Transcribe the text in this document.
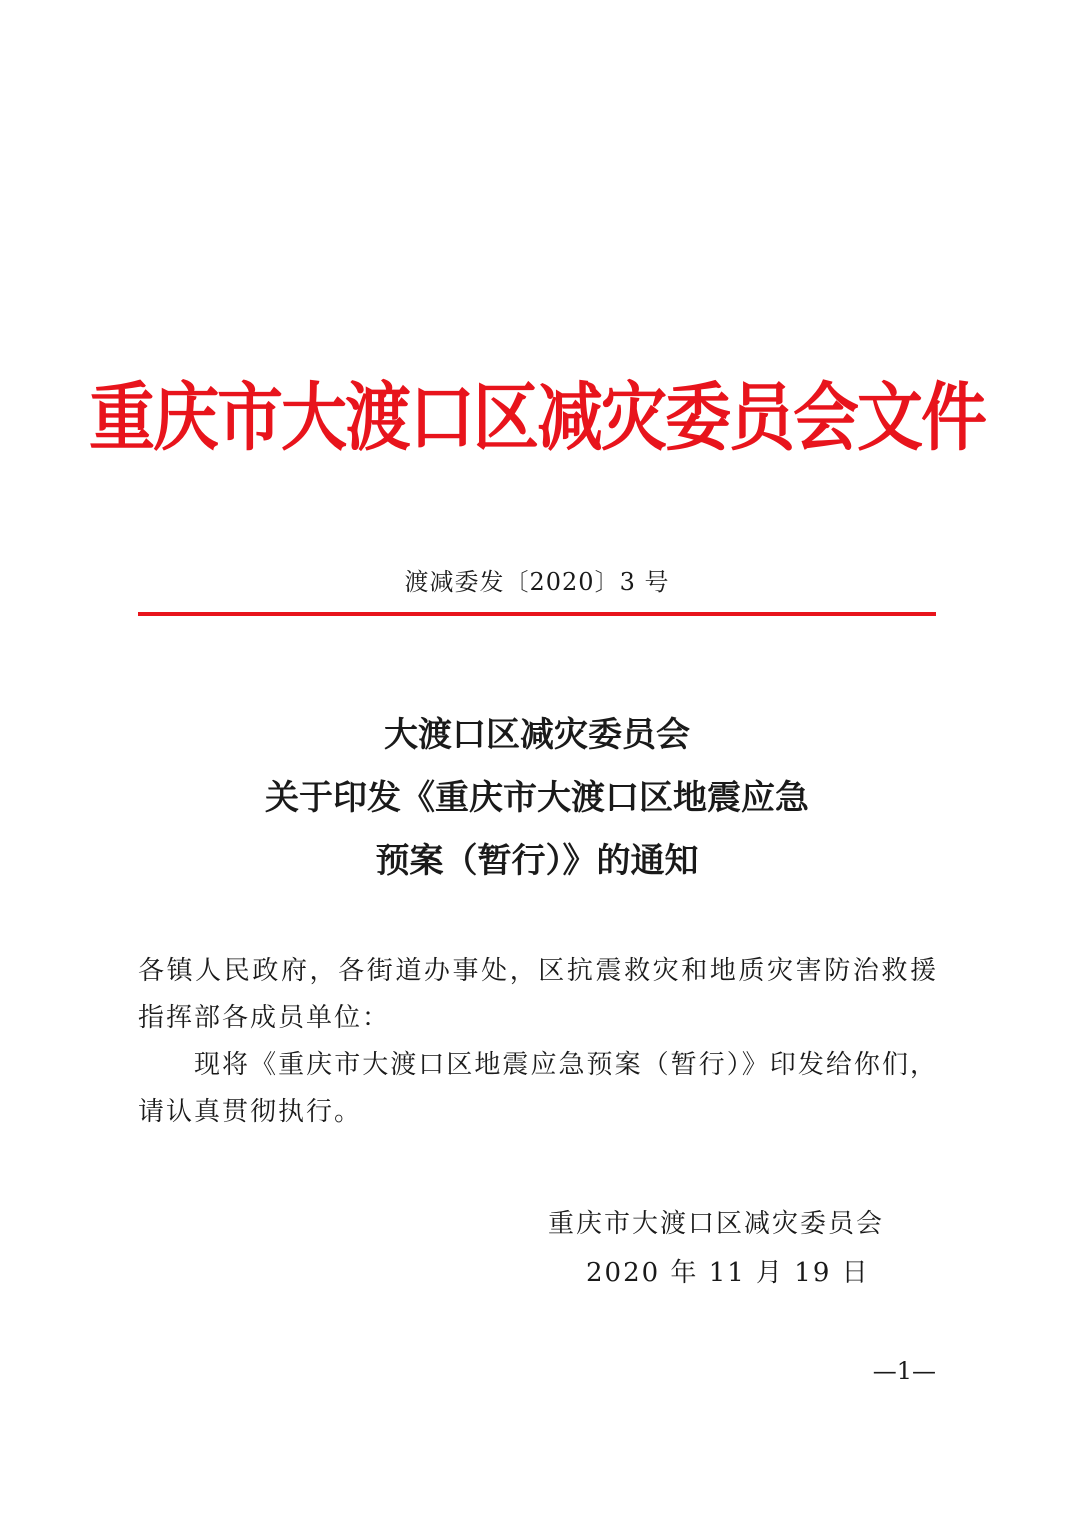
重庆市大渡口区减灾委员会文件
渡减委发〔2020〕3 号
大渡口区减灾委员会
关于印发《重庆市大渡口区地震应急
预案（暂行）》的通知

各镇人民政府，各街道办事处，区抗震救灾和地质灾害防治救援指挥部各成员单位：

现将《重庆市大渡口区地震应急预案（暂行）》印发给你们，请认真贯彻执行。

重庆市大渡口区减灾委员会
2020 年 11 月 19 日
—1—
